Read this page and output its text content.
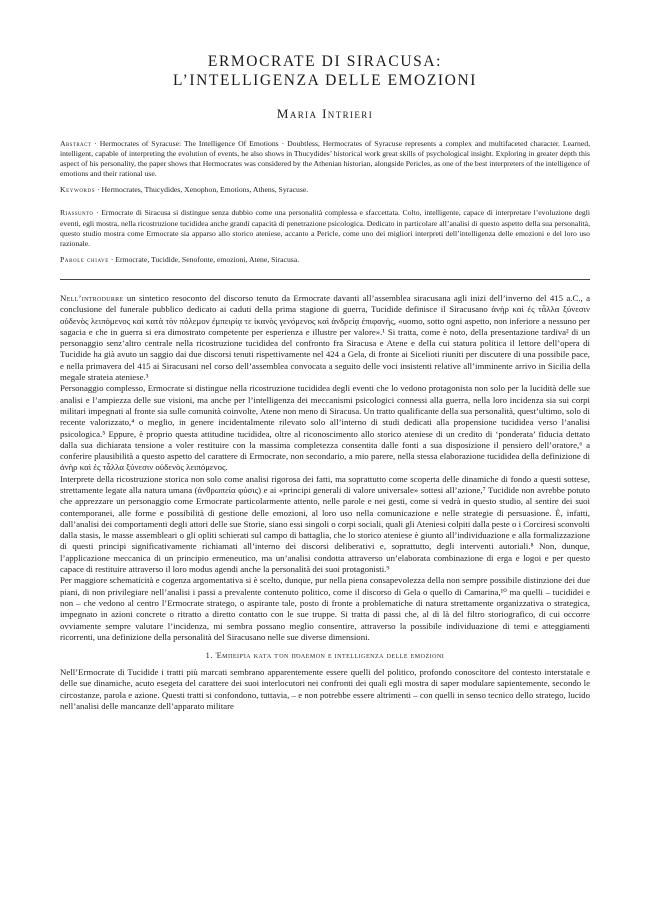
ERMOCRATE DI SIRACUSA:
L’INTELLIGENZA DELLE EMOZIONI
Maria Intrieri

Abstract · Hermocrates of Syracuse: The Intelligence Of Emotions · Doubtless, Hermocrates of Syracuse represents a complex and multifaceted character. Learned, intelligent, capable of interpreting the evolution of events, he also shows in Thucydides’ historical work great skills of psychological insight. Exploring in greater depth this aspect of his personality, the paper shows that Hermocrates was considered by the Athenian historian, alongside Pericles, as one of the best interpreters of the intelligence of emotions and their rational use.

Keywords · Hermocrates, Thucydides, Xenophon, Emotions, Athens, Syracuse.

Riassunto · Ermocrate di Siracusa si distingue senza dubbio come una personalità complessa e sfaccettata. Colto, intelligente, capace di interpretare l’evoluzione degli eventi, egli mostra, nella ricostruzione tucididea anche grandi capacità di penetrazione psicologica. Dedicato in particolare all’analisi di questo aspetto della sua personalità, questo studio mostra come Ermocrate sia apparso allo storico ateniese, accanto a Pericle, come uno dei migliori interpreti dell’intelligenza delle emozioni e del loro uso razionale.

Parole chiave · Ermocrate, Tucidide, Senofonte, emozioni, Atene, Siracusa.

Nell’introdurre un sintetico resoconto del discorso tenuto da Ermocrate davanti all’assemblea siracusana agli inizi dell’inverno del 415 a.C., a conclusione del funerale pubblico dedicato ai caduti della prima stagione di guerra, Tucidide definisce il Siracusano ἀνὴρ καὶ ἐς τἆλλα ξύνεσιν οὐδενὸς λειπόμενος καὶ κατὰ τὸν πόλεμον ἐμπειρίᾳ τε ἱκανὸς γενόμενος καὶ ἀνδρείᾳ ἐπιφανής, «uomo, sotto ogni aspetto, non inferiore a nessuno per sagacia e che in guerra si era dimostrato competente per esperienza e illustre per valore».¹ Si tratta, come è noto, della presentazione tardiva² di un personaggio senz’altro centrale nella ricostruzione tucididea del confronto fra Siracusa e Atene e della cui statura politica il lettore dell’opera di Tucidide ha già avuto un saggio dai due discorsi tenuti rispettivamente nel 424 a Gela, di fronte ai Sicelioti riuniti per discutere di una possibile pace, e nella primavera del 415 ai Siracusani nel corso dell’assemblea convocata a seguito delle voci insistenti relative all’imminente arrivo in Sicilia della megale strateia ateniese.³

Personaggio complesso, Ermocrate si distingue nella ricostruzione tucididea degli eventi che lo vedono protagonista non solo per la lucidità delle sue analisi e l’ampiezza delle sue visioni, ma anche per l’intelligenza dei meccanismi psicologici connessi alla guerra, nella loro incidenza sia sui corpi militari impegnati al fronte sia sulle comunità coinvolte, Atene non meno di Siracusa. Un tratto qualificante della sua personalità, quest’ultimo, solo di recente valorizzato,⁴ o meglio, in genere incidentalmente rilevato solo all’interno di studi dedicati alla propensione tucididea verso l’analisi psicologica.⁵ Eppure, è proprio questa attitudine tucididea, oltre al riconoscimento allo storico ateniese di un credito di ‘ponderata’ fiducia dettato dalla sua dichiarata tensione a voler restituire con la massima completezza consentita dalle fonti a sua disposizione il pensiero dell’oratore,⁶ a conferire plausibilità a questo aspetto del carattere di Ermocrate, non secondario, a mio parere, nella stessa elaborazione tucididea della definizione di ἀνὴρ καὶ ἐς τἆλλα ξύνεσιν οὐδενὸς λειπόμενος.

Interprete della ricostruzione storica non solo come analisi rigorosa dei fatti, ma soprattutto come scoperta delle dinamiche di fondo a questi sottese, strettamente legate alla natura umana (ἀνθρωπεία φύσις) e ai «principi generali di valore universale» sottesi all’azione,⁷ Tucidide non avrebbe potuto che apprezzare un personaggio come Ermocrate particolarmente attento, nelle parole e nei gesti, come si vedrà in questo studio, al sentire dei suoi contemporanei, alle forme e possibilità di gestione delle emozioni, al loro uso nella comunicazione e nelle strategie di persuasione. È, infatti, dall’analisi dei comportamenti degli attori delle sue Storie, siano essi singoli o corpi sociali, quali gli Ateniesi colpiti dalla peste o i Corciresi sconvolti dalla stasis, le masse assembleari o gli opliti schierati sul campo di battaglia, che lo storico ateniese è giunto all’individuazione e alla formalizzazione di questi principi significativamente richiamati all’interno dei discorsi deliberativi e, soprattutto, degli interventi autoriali.⁸ Non, dunque, l’applicazione meccanica di un principio ermeneutico, ma un’analisi condotta attraverso un’elaborata combinazione di erga e logoi e per questo capace di restituire attraverso il loro modus agendi anche la personalità dei suoi protagonisti.⁹

Per maggiore schematicità e cogenza argomentativa si è scelto, dunque, pur nella piena consapevolezza della non sempre possibile distinzione dei due piani, di non privilegiare nell’analisi i passi a prevalente contenuto politico, come il discorso di Gela o quello di Camarina,¹⁰ ma quelli – tucididei e non – che vedono al centro l’Ermocrate stratego, o aspirante tale, posto di fronte a problematiche di natura strettamente organizzativa o strategica, impegnato in azioni concrete o ritratto a diretto contatto con le sue truppe. Si tratta di passi che, al di là del filtro storiografico, di cui occorre ovviamente sempre valutare l’incidenza, mi sembra possano meglio consentire, attraverso la possibile individuazione di temi e atteggiamenti ricorrenti, una definizione della personalità del Siracusano nelle sue diverse dimensioni.

1. Ἐμπειρία κατὰ τὸν πόλεμον e intelligenza delle emozioni

Nell’Ermocrate di Tucidide i tratti più marcati sembrano apparentemente essere quelli del politico, profondo conoscitore del contesto interstatale e delle sue dinamiche, acuto esegeta del carattere dei suoi interlocutori nei confronti dei quali egli mostra di saper modulare sapientemente, secondo le circostanze, parola e azione. Questi tratti si confondono, tuttavia, – e non potrebbe essere altrimenti – con quelli in senso tecnico dello stratego, lucido nell’analisi delle mancanze dell’apparato militare
